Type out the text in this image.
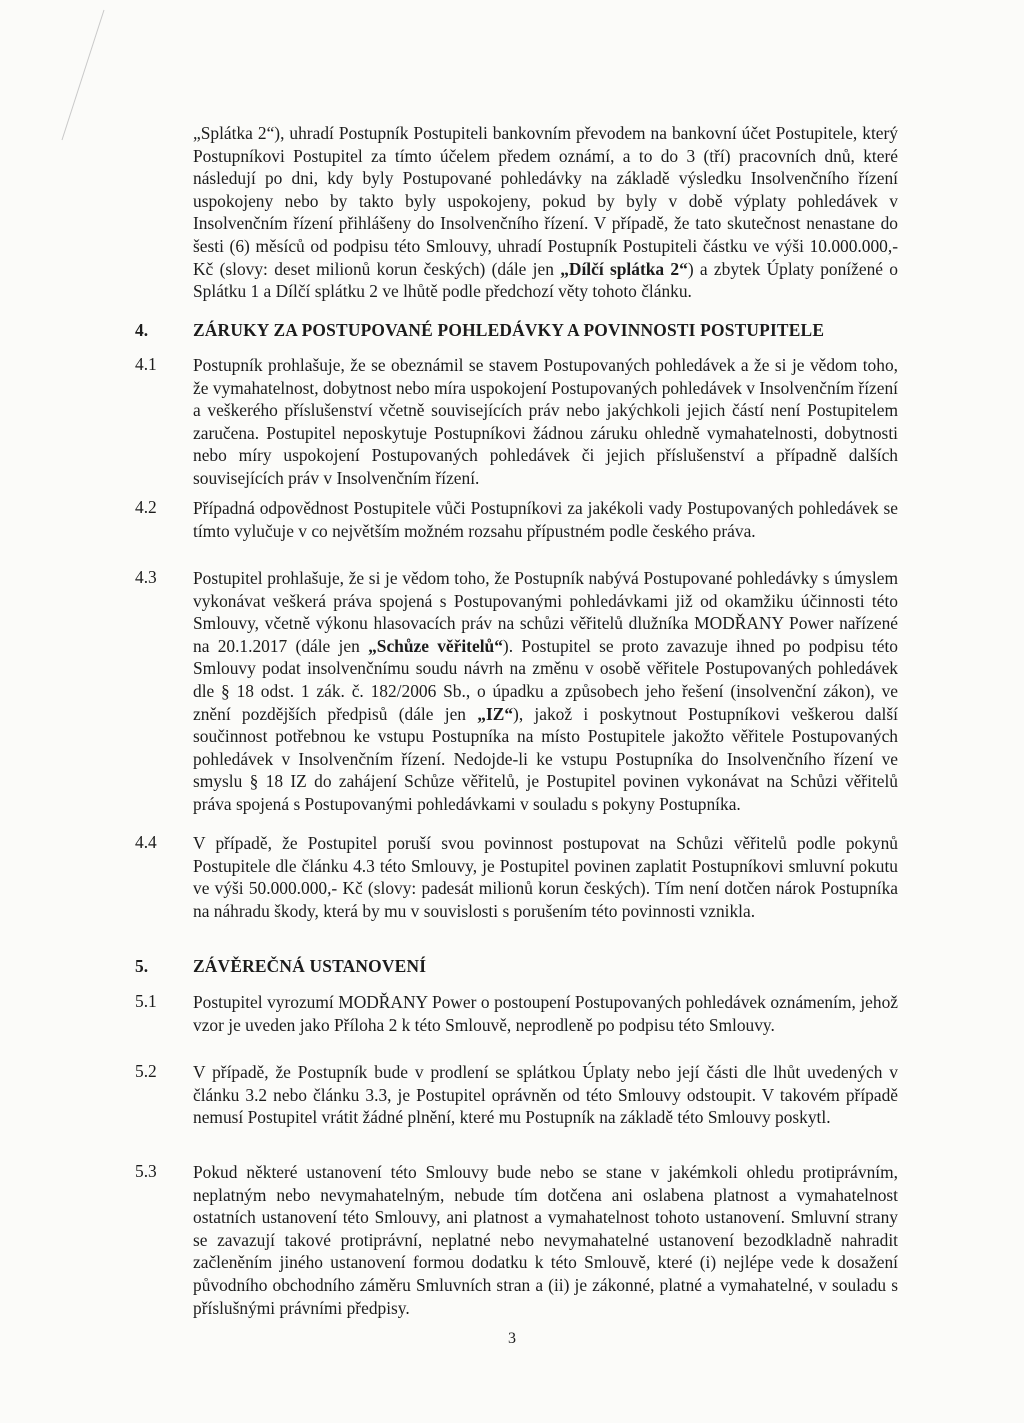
„Splátka 2“), uhradí Postupník Postupiteli bankovním převodem na bankovní účet Postupitele, který Postupníkovi Postupitel za tímto účelem předem oznámí, a to do 3 (tří) pracovních dnů, které následují po dni, kdy byly Postupované pohledávky na základě výsledku Insolvenčního řízení uspokojeny nebo by takto byly uspokojeny, pokud by byly v době výplaty pohledávek v Insolvenčním řízení přihlášeny do Insolvenčního řízení. V případě, že tato skutečnost nenastane do šesti (6) měsíců od podpisu této Smlouvy, uhradí Postupník Postupiteli částku ve výši 10.000.000,- Kč (slovy: deset milionů korun českých) (dále jen „Dílčí splátka 2“) a zbytek Úplaty ponížené o Splátku 1 a Dílčí splátku 2 ve lhůtě podle předchozí věty tohoto článku.
4.	ZÁRUKY ZA POSTUPOVANÉ POHLEDÁVKY A POVINNOSTI POSTUPITELE
4.1 Postupník prohlašuje, že se obeznámil se stavem Postupovaných pohledávek a že si je vědom toho, že vymahatelnost, dobytnost nebo míra uspokojení Postupovaných pohledávek v Insolvenčním řízení a veškerého příslušenství včetně souvisejících práv nebo jakýchkoli jejich částí není Postupitelem zaručena. Postupitel neposkytuje Postupníkovi žádnou záruku ohledně vymahatelnosti, dobytnosti nebo míry uspokojení Postupovaných pohledávek či jejich příslušenství a případně dalších souvisejících práv v Insolvenčním řízení.
4.2 Případná odpovědnost Postupitele vůči Postupníkovi za jakékoli vady Postupovaných pohledávek se tímto vylučuje v co největším možném rozsahu přípustném podle českého práva.
4.3 Postupitel prohlašuje, že si je vědom toho, že Postupník nabývá Postupované pohledávky s úmyslem vykonávat veškerá práva spojená s Postupovanými pohledávkami již od okamžiku účinnosti této Smlouvy, včetně výkonu hlasovacích práv na schůzi věřitelů dlužníka MODŘANY Power nařízené na 20.1.2017 (dále jen „Schůze věřitelů“). Postupitel se proto zavazuje ihned po podpisu této Smlouvy podat insolvenčnímu soudu návrh na změnu v osobě věřitele Postupovaných pohledávek dle § 18 odst. 1 zák. č. 182/2006 Sb., o úpadku a způsobech jeho řešení (insolvenční zákon), ve znění pozdějších předpisů (dále jen „IZ“), jakož i poskytnout Postupníkovi veškerou další součinnost potřebnou ke vstupu Postupníka na místo Postupitele jakožto věřitele Postupovaných pohledávek v Insolvenčním řízení. Nedojde-li ke vstupu Postupníka do Insolvenčního řízení ve smyslu § 18 IZ do zahájení Schůze věřitelů, je Postupitel povinen vykonávat na Schůzi věřitelů práva spojená s Postupovanými pohledávkami v souladu s pokyny Postupníka.
4.4 V případě, že Postupitel poruší svou povinnost postupovat na Schůzi věřitelů podle pokynů Postupitele dle článku 4.3 této Smlouvy, je Postupitel povinen zaplatit Postupníkovi smluvní pokutu ve výši 50.000.000,- Kč (slovy: padesát milionů korun českých). Tím není dotčen nárok Postupníka na náhradu škody, která by mu v souvislosti s porušením této povinnosti vznikla.
5.	ZÁVĚREČNÁ USTANOVENÍ
5.1 Postupitel vyrozumí MODŘANY Power o postoupení Postupovaných pohledávek oznámením, jehož vzor je uveden jako Příloha 2 k této Smlouvě, neprodleně po podpisu této Smlouvy.
5.2 V případě, že Postupník bude v prodlení se splátkou Úplaty nebo její části dle lhůt uvedených v článku 3.2 nebo článku 3.3, je Postupitel oprávněn od této Smlouvy odstoupit. V takovém případě nemusí Postupitel vrátit žádné plnění, které mu Postupník na základě této Smlouvy poskytl.
5.3 Pokud některé ustanovení této Smlouvy bude nebo se stane v jakémkoli ohledu protiprávním, neplatným nebo nevymahatelným, nebude tím dotčena ani oslabena platnost a vymahatelnost ostatních ustanovení této Smlouvy, ani platnost a vymahatelnost tohoto ustanovení. Smluvní strany se zavazují takové protiprávní, neplatné nebo nevymahatelné ustanovení bezodkladně nahradit začleněním jiného ustanovení formou dodatku k této Smlouvě, které (i) nejlépe vede k dosažení původního obchodního záměru Smluvních stran a (ii) je zákonné, platné a vymahatelné, v souladu s příslušnými právními předpisy.
3
